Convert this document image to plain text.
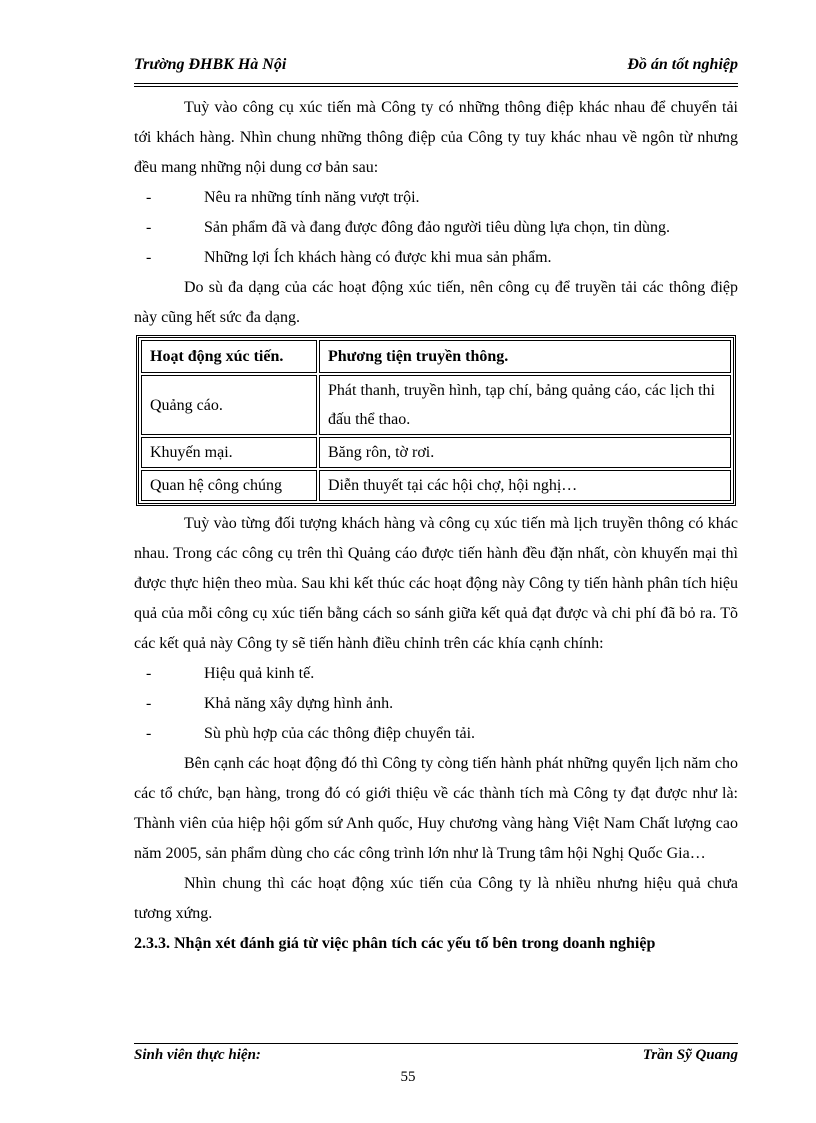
Trường ĐHBK Hà Nội	Đồ án tốt nghiệp

Tuỳ vào công cụ xúc tiến mà Công ty có những thông điệp khác nhau để chuyển tải tới khách hàng. Nhìn chung những thông điệp của Công ty tuy khác nhau về ngôn từ nhưng đều mang những nội dung cơ bản sau:

-	Nêu ra những tính năng vượt trội.
-	Sản phẩm đã và đang được đông đảo người tiêu dùng lựa chọn, tin dùng.
-	Những lợi Ích khách hàng có được khi mua sản phẩm.

Do sù đa dạng của các hoạt động xúc tiến, nên công cụ để truyền tải các thông điệp này cũng hết sức đa dạng.

Hoạt động xúc tiến.	Phương tiện truyền thông.
Quảng cáo.	Phát thanh, truyền hình, tạp chí, bảng quảng cáo, các lịch thi đấu thể thao.
Khuyến mại.	Băng rôn, tờ rơi.
Quan hệ công chúng	Diễn thuyết tại các hội chợ, hội nghị…

Tuỳ vào từng đối tượng khách hàng và công cụ xúc tiến mà lịch truyền thông có khác nhau. Trong các công cụ trên thì Quảng cáo được tiến hành đều đặn nhất, còn khuyến mại thì được thực hiện theo mùa. Sau khi kết thúc các hoạt động này Công ty tiến hành phân tích hiệu quả của mỗi công cụ xúc tiến bằng cách so sánh giữa kết quả đạt được và chi phí đã bỏ ra. Tõ các kết quả này Công ty sẽ tiến hành điều chỉnh trên các khía cạnh chính:

-	Hiệu quả kinh tế.
-	Khả năng xây dựng hình ảnh.
-	Sù phù hợp của các thông điệp chuyển tải.

Bên cạnh các hoạt động đó thì Công ty còng tiến hành phát những quyển lịch năm cho các tổ chức, bạn hàng, trong đó có giới thiệu về các thành tích mà Công ty đạt được như là: Thành viên của hiệp hội gốm sứ Anh quốc, Huy chương vàng hàng Việt Nam Chất lượng cao năm 2005, sản phẩm dùng cho các công trình lớn như là Trung tâm hội Nghị Quốc Gia…

Nhìn chung thì các hoạt động xúc tiến của Công ty là nhiều nhưng hiệu quả chưa tương xứng.

2.3.3. Nhận xét đánh giá từ việc phân tích các yếu tố bên trong doanh nghiệp

Sinh viên thực hiện:	Trần Sỹ Quang
55
